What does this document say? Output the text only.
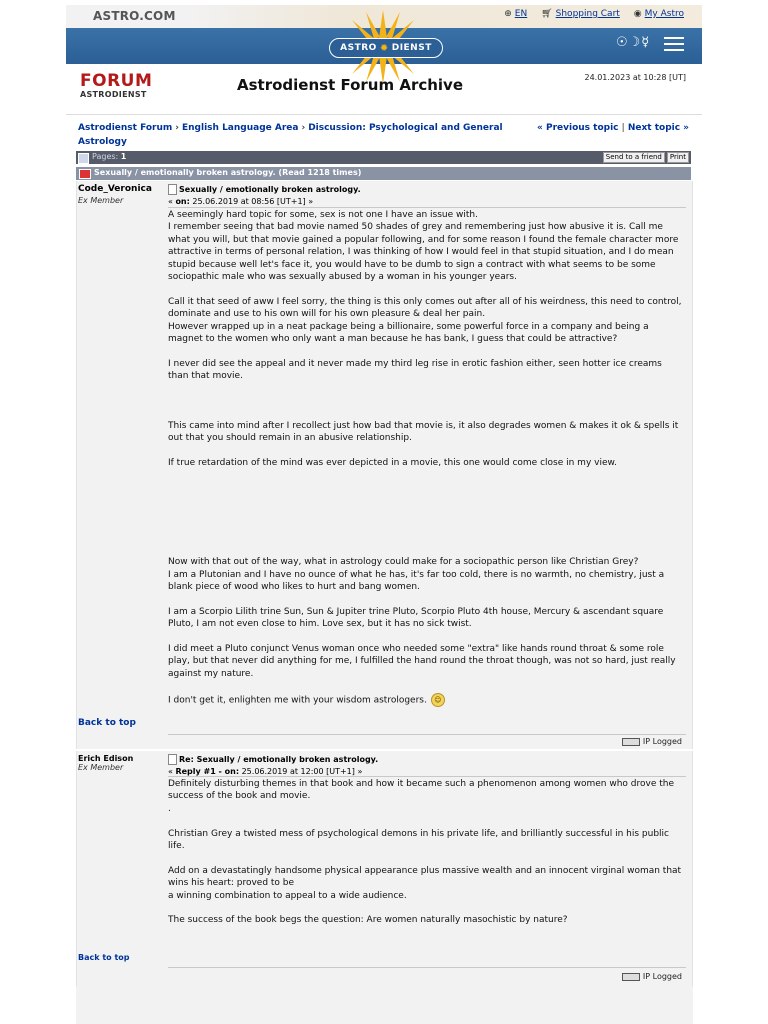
ASTRO.COM	⊕ EN 🛒︎ Shopping Cart ◉ My Astro
ASTRO ✹ DIENST	☉☽☿
FORUM
ASTRODIENST
Astrodienst Forum Archive	24.01.2023 at 10:28 [UT]
Astrodienst Forum › English Language Area › Discussion: Psychological and General Astrology
« Previous topic | Next topic »
Pages: 1	Send to a friend	Print
Sexually / emotionally broken astrology. (Read 1218 times)
Code_Veronica
Ex Member
Sexually / emotionally broken astrology.
« on: 25.06.2019 at 08:56 [UT+1] »

A seemingly hard topic for some, sex is not one I have an issue with.
I remember seeing that bad movie named 50 shades of grey and remembering just how abusive it is. Call me what you will, but that movie gained a popular following, and for some reason I found the female character more attractive in terms of personal relation, I was thinking of how I would feel in that stupid situation, and I do mean stupid because well let's face it, you would have to be dumb to sign a contract with what seems to be some sociopathic male who was sexually abused by a woman in his younger years.

Call it that seed of aww I feel sorry, the thing is this only comes out after all of his weirdness, this need to control, dominate and use to his own will for his own pleasure & deal her pain.
However wrapped up in a neat package being a billionaire, some powerful force in a company and being a magnet to the women who only want a man because he has bank, I guess that could be attractive?

I never did see the appeal and it never made my third leg rise in erotic fashion either, seen hotter ice creams than that movie.

This came into mind after I recollect just how bad that movie is, it also degrades women & makes it ok & spells it out that you should remain in an abusive relationship.

If true retardation of the mind was ever depicted in a movie, this one would come close in my view.

Now with that out of the way, what in astrology could make for a sociopathic person like Christian Grey?
I am a Plutonian and I have no ounce of what he has, it's far too cold, there is no warmth, no chemistry, just a blank piece of wood who likes to hurt and bang women.

I am a Scorpio Lilith trine Sun, Sun & Jupiter trine Pluto, Scorpio Pluto 4th house, Mercury & ascendant square Pluto, I am not even close to him. Love sex, but it has no sick twist.

I did meet a Pluto conjunct Venus woman once who needed some "extra" like hands round throat & some role play, but that never did anything for me, I fulfilled the hand round the throat though, was not so hard, just really against my nature.

I don't get it, enlighten me with your wisdom astrologers. ☺

Back to top
IP Logged
Erich Edison
Ex Member
Re: Sexually / emotionally broken astrology.
« Reply #1 - on: 25.06.2019 at 12:00 [UT+1] »

Definitely disturbing themes in that book and how it became such a phenomenon among women who drove the success of the book and movie.
.

Christian Grey a twisted mess of psychological demons in his private life, and brilliantly successful in his public life.

Add on a devastatingly handsome physical appearance plus massive wealth and an innocent virginal woman that wins his heart: proved to be
a winning combination to appeal to a wide audience.

The success of the book begs the question: Are women naturally masochistic by nature?

Back to top
IP Logged
